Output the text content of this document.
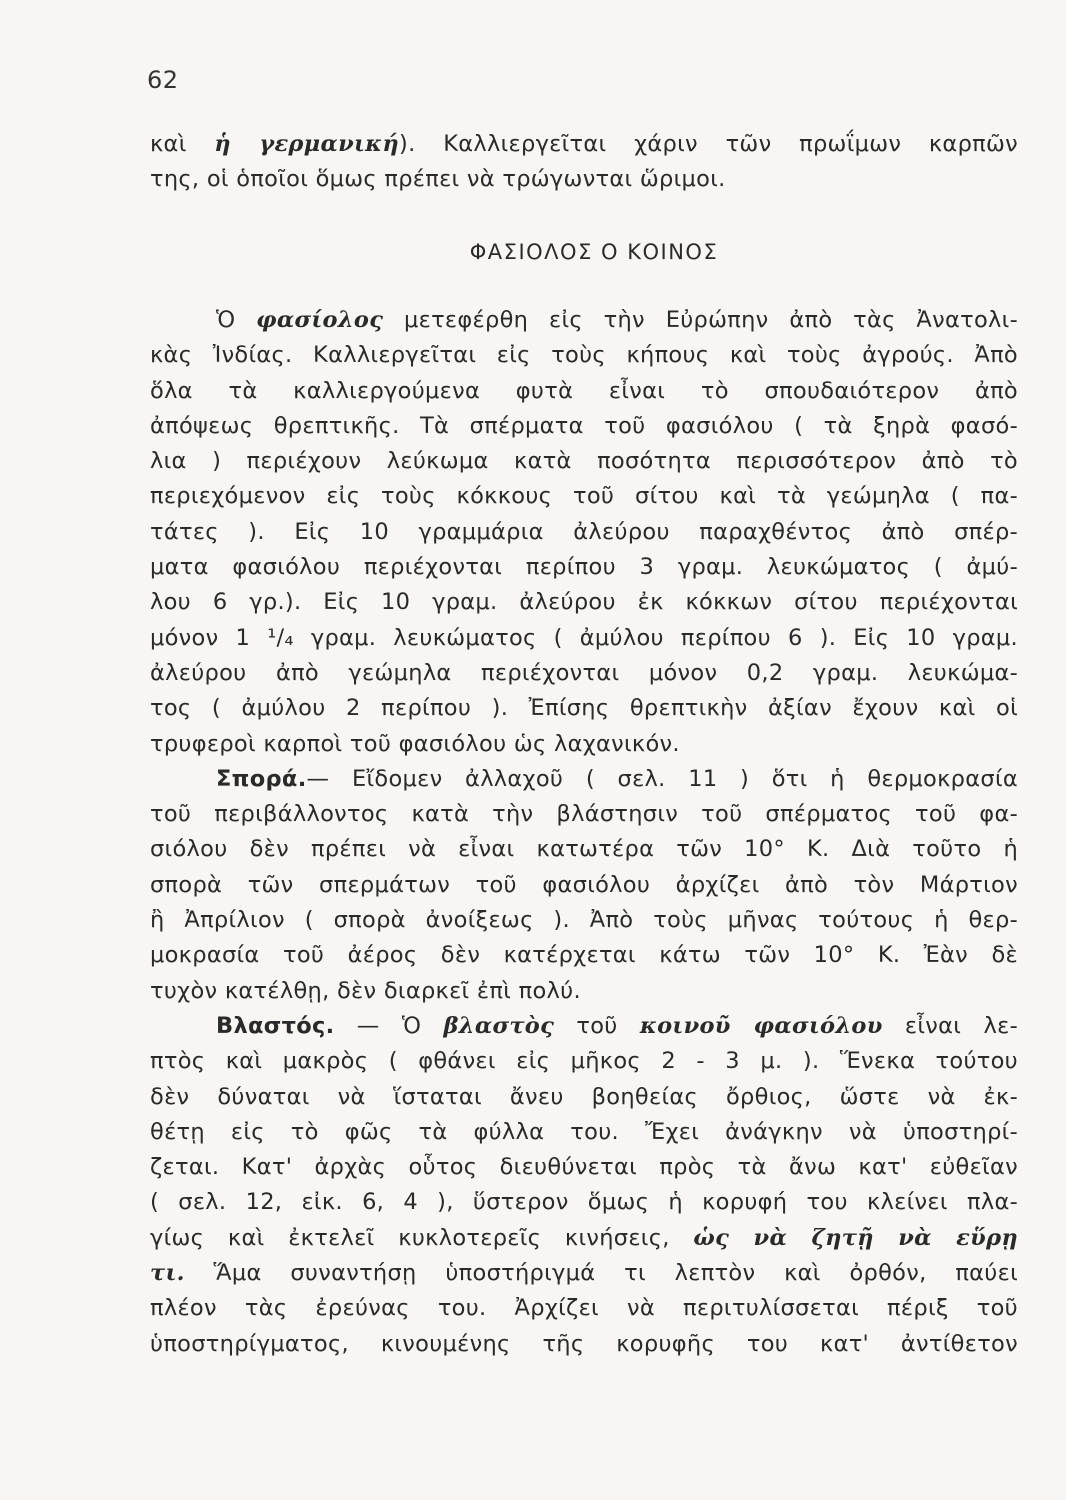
62
καὶ ἡ γερμανική). Καλλιεργεῖται χάριν τῶν πρωΐμων καρπῶν
της, οἱ ὁποῖοι ὅμως πρέπει νὰ τρώγωνται ὥριμοι.
ΦΑΣΙΟΛΟΣ Ο ΚΟΙΝΟΣ
Ὁ φασίολος μετεφέρθη εἰς τὴν Εὐρώπην ἀπὸ τὰς Ἀνατολι-
κὰς Ἰνδίας. Καλλιεργεῖται εἰς τοὺς κήπους καὶ τοὺς ἀγρούς. Ἀπὸ
ὅλα τὰ καλλιεργούμενα φυτὰ εἶναι τὸ σπουδαιότερον ἀπὸ
ἀπόψεως θρεπτικῆς. Τὰ σπέρματα τοῦ φασιόλου ( τὰ ξηρὰ φασό-
λια ) περιέχουν λεύκωμα κατὰ ποσότητα περισσότερον ἀπὸ τὸ
περιεχόμενον εἰς τοὺς κόκκους τοῦ σίτου καὶ τὰ γεώμηλα ( πα-
τάτες ). Εἰς 10 γραμμάρια ἀλεύρου παραχθέντος ἀπὸ σπέρ-
ματα φασιόλου περιέχονται περίπου 3 γραμ. λευκώματος ( ἀμύ-
λου 6 γρ.). Εἰς 10 γραμ. ἀλεύρου ἐκ κόκκων σίτου περιέχονται
μόνον 1 ¹/₄ γραμ. λευκώματος ( ἀμύλου περίπου 6 ). Εἰς 10 γραμ.
ἀλεύρου ἀπὸ γεώμηλα περιέχονται μόνον 0,2 γραμ. λευκώμα-
τος ( ἀμύλου 2 περίπου ). Ἐπίσης θρεπτικὴν ἀξίαν ἔχουν καὶ οἱ
τρυφεροὶ καρποὶ τοῦ φασιόλου ὡς λαχανικόν.
Σπορά.— Εἴδομεν ἀλλαχοῦ ( σελ. 11 ) ὅτι ἡ θερμοκρασία
τοῦ περιβάλλοντος κατὰ τὴν βλάστησιν τοῦ σπέρματος τοῦ φα-
σιόλου δὲν πρέπει νὰ εἶναι κατωτέρα τῶν 10° Κ. Διὰ τοῦτο ἡ
σπορὰ τῶν σπερμάτων τοῦ φασιόλου ἀρχίζει ἀπὸ τὸν Μάρτιον
ἢ Ἀπρίλιον ( σπορὰ ἀνοίξεως ). Ἀπὸ τοὺς μῆνας τούτους ἡ θερ-
μοκρασία τοῦ ἀέρος δὲν κατέρχεται κάτω τῶν 10° Κ. Ἐὰν δὲ
τυχὸν κατέλθῃ, δὲν διαρκεῖ ἐπὶ πολύ.
Βλαστός. — Ὁ βλαστὸς τοῦ κοινοῦ φασιόλου εἶναι λε-
πτὸς καὶ μακρὸς ( φθάνει εἰς μῆκος 2 - 3 μ. ). Ἕνεκα τούτου
δὲν δύναται νὰ ἵσταται ἄνευ βοηθείας ὄρθιος, ὥστε νὰ ἐκ-
θέτῃ εἰς τὸ φῶς τὰ φύλλα του. Ἔχει ἀνάγκην νὰ ὑποστηρί-
ζεται. Κατ' ἀρχὰς οὗτος διευθύνεται πρὸς τὰ ἄνω κατ' εὐθεῖαν
( σελ. 12, εἰκ. 6, 4 ), ὕστερον ὅμως ἡ κορυφή του κλείνει πλα-
γίως καὶ ἐκτελεῖ κυκλοτερεῖς κινήσεις, ὡς νὰ ζητῇ νὰ εὕρῃ
τι. Ἅμα συναντήσῃ ὑποστήριγμά τι λεπτὸν καὶ ὀρθόν, παύει
πλέον τὰς ἐρεύνας του. Ἀρχίζει νὰ περιτυλίσσεται πέριξ τοῦ
ὑποστηρίγματος, κινουμένης τῆς κορυφῆς του κατ' ἀντίθετον
